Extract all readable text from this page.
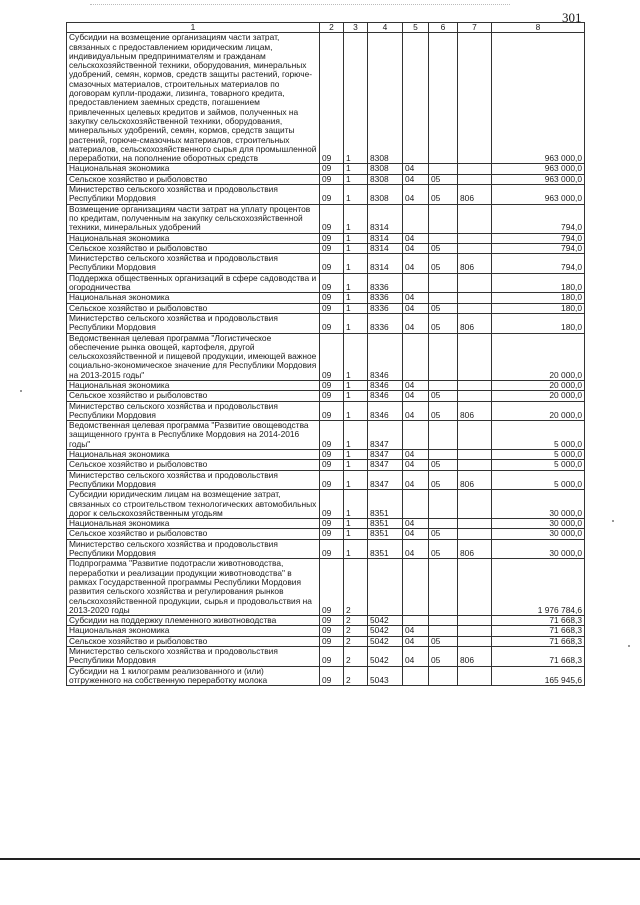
301
1	2	3	4	5	6	7	8
Субсидии на возмещение организациям части затрат, связанных с предоставлением юридическим лицам, индивидуальным предпринимателям и гражданам сельскохозяйственной техники, оборудования, минеральных удобрений, семян, кормов, средств защиты растений, горюче-смазочных материалов, строительных материалов по договорам купли-продажи, лизинга, товарного кредита, предоставлением заемных средств, погашением привлеченных целевых кредитов и займов, полученных на закупку сельскохозяйственной техники, оборудования, минеральных удобрений, семян, кормов, средств защиты растений, горюче-смазочных материалов, строительных материалов, сельскохозяйственного сырья для промышленной переработки, на пополнение оборотных средств	09	1	8308				963 000,0
Национальная экономика	09	1	8308	04			963 000,0
Сельское хозяйство и рыболовство	09	1	8308	04	05		963 000,0
Министерство сельского хозяйства и продовольствия Республики Мордовия	09	1	8308	04	05	806	963 000,0
Возмещение организациям части затрат на уплату процентов по кредитам, полученным на закупку сельскохозяйственной техники, минеральных удобрений	09	1	8314				794,0
Национальная экономика	09	1	8314	04			794,0
Сельское хозяйство и рыболовство	09	1	8314	04	05		794,0
Министерство сельского хозяйства и продовольствия Республики Мордовия	09	1	8314	04	05	806	794,0
Поддержка общественных организаций в сфере садоводства и огородничества	09	1	8336				180,0
Национальная экономика	09	1	8336	04			180,0
Сельское хозяйство и рыболовство	09	1	8336	04	05		180,0
Министерство сельского хозяйства и продовольствия Республики Мордовия	09	1	8336	04	05	806	180,0
Ведомственная целевая программа "Логистическое обеспечение рынка овощей, картофеля, другой сельскохозяйственной и пищевой продукции, имеющей важное социально-экономическое значение для Республики Мордовия на 2013-2015 годы"	09	1	8346				20 000,0
Национальная экономика	09	1	8346	04			20 000,0
Сельское хозяйство и рыболовство	09	1	8346	04	05		20 000,0
Министерство сельского хозяйства и продовольствия Республики Мордовия	09	1	8346	04	05	806	20 000,0
Ведомственная целевая программа "Развитие овощеводства защищенного грунта в Республике Мордовия на 2014-2016 годы"	09	1	8347				5 000,0
Национальная экономика	09	1	8347	04			5 000,0
Сельское хозяйство и рыболовство	09	1	8347	04	05		5 000,0
Министерство сельского хозяйства и продовольствия Республики Мордовия	09	1	8347	04	05	806	5 000,0
Субсидии юридическим лицам на возмещение затрат, связанных со строительством технологических автомобильных дорог к сельскохозяйственным угодьям	09	1	8351				30 000,0
Национальная экономика	09	1	8351	04			30 000,0
Сельское хозяйство и рыболовство	09	1	8351	04	05		30 000,0
Министерство сельского хозяйства и продовольствия Республики Мордовия	09	1	8351	04	05	806	30 000,0
Подпрограмма "Развитие подотрасли животноводства, переработки и реализации продукции животноводства" в рамках Государственной программы Республики Мордовия развития сельского хозяйства и регулирования рынков сельскохозяйственной продукции, сырья и продовольствия на 2013-2020 годы	09	2					1 976 784,6
Субсидии на поддержку племенного животноводства	09	2	5042				71 668,3
Национальная экономика	09	2	5042	04			71 668,3
Сельское хозяйство и рыболовство	09	2	5042	04	05		71 668,3
Министерство сельского хозяйства и продовольствия Республики Мордовия	09	2	5042	04	05	806	71 668,3
Субсидии на 1 килограмм реализованного и (или) отгруженного на собственную переработку молока	09	2	5043				165 945,6
